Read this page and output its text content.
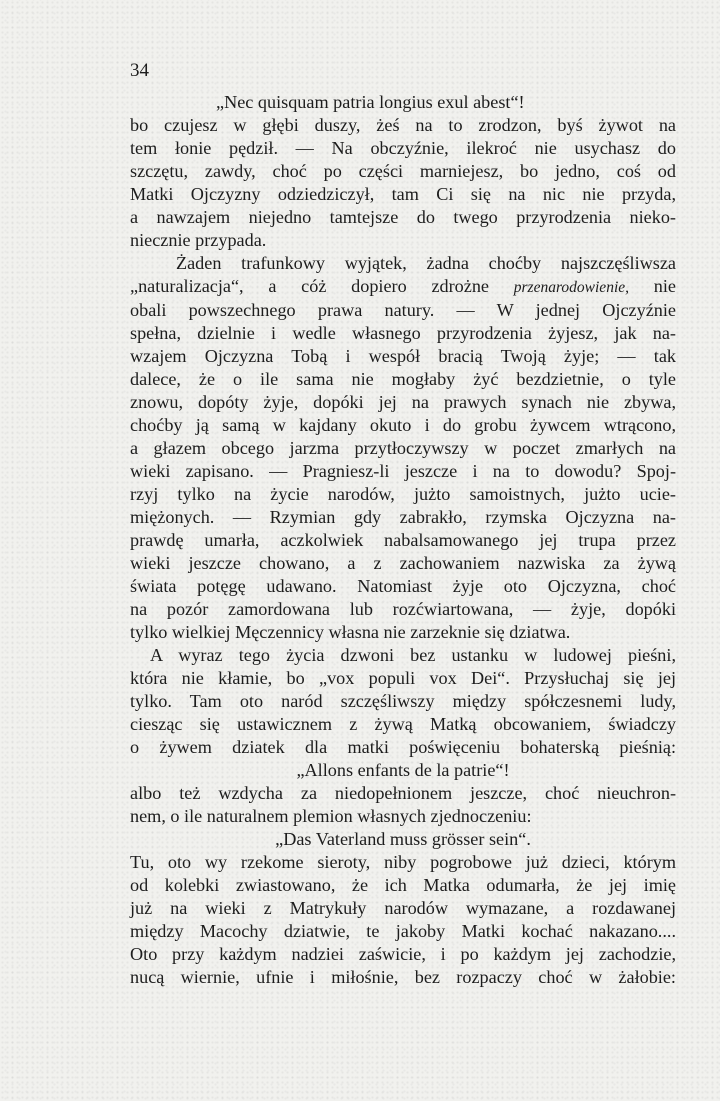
34
„Nec quisquam patria longius exul abest“!
bo czujesz w głębi duszy, żeś na to zrodzon, byś żywot na
tem łonie pędził. — Na obczyźnie, ilekroć nie usychasz do
szczętu, zawdy, choć po części marniejesz, bo jedno, coś od
Matki Ojczyzny odziedziczył, tam Ci się na nic nie przyda,
a nawzajem niejedno tamtejsze do twego przyrodzenia nieko-
niecznie przypada.
Żaden trafunkowy wyjątek, żadna choćby najszczęśliwsza
„naturalizacja“, a cóż dopiero zdrożne przenarodowienie, nie
obali powszechnego prawa natury. — W jednej Ojczyźnie
spełna, dzielnie i wedle własnego przyrodzenia żyjesz, jak na-
wzajem Ojczyzna Tobą i wespół bracią Twoją żyje; — tak
dalece, że o ile sama nie mogłaby żyć bezdzietnie, o tyle
znowu, dopóty żyje, dopóki jej na prawych synach nie zbywa,
choćby ją samą w kajdany okuto i do grobu żywcem wtrącono,
a głazem obcego jarzma przytłoczywszy w poczet zmarłych na
wieki zapisano. — Pragniesz-li jeszcze i na to dowodu? Spoj-
rzyj tylko na życie narodów, jużto samoistnych, jużto ucie-
miężonych. — Rzymian gdy zabrakło, rzymska Ojczyzna na-
prawdę umarła, aczkolwiek nabalsamowanego jej trupa przez
wieki jeszcze chowano, a z zachowaniem nazwiska za żywą
świata potęgę udawano. Natomiast żyje oto Ojczyzna, choć
na pozór zamordowana lub rozćwiartowana, — żyje, dopóki
tylko wielkiej Męczennicy własna nie zarzeknie się dziatwa.
A wyraz tego życia dzwoni bez ustanku w ludowej pieśni,
która nie kłamie, bo „vox populi vox Dei“. Przysłuchaj się jej
tylko. Tam oto naród szczęśliwszy między spółczesnemi ludy,
ciesząc się ustawicznem z żywą Matką obcowaniem, świadczy
o żywem dziatek dla matki poświęceniu bohaterską pieśnią:
„Allons enfants de la patrie“!
albo też wzdycha za niedopełnionem jeszcze, choć nieuchron-
nem, o ile naturalnem plemion własnych zjednoczeniu:
„Das Vaterland muss grösser sein“.
Tu, oto wy rzekome sieroty, niby pogrobowe już dzieci, którym
od kolebki zwiastowano, że ich Matka odumarła, że jej imię
już na wieki z Matrykuły narodów wymazane, a rozdawanej
między Macochy dziatwie, te jakoby Matki kochać nakazano....
Oto przy każdym nadziei zaświcie, i po każdym jej zachodzie,
nucą wiernie, ufnie i miłośnie, bez rozpaczy choć w żałobie:
